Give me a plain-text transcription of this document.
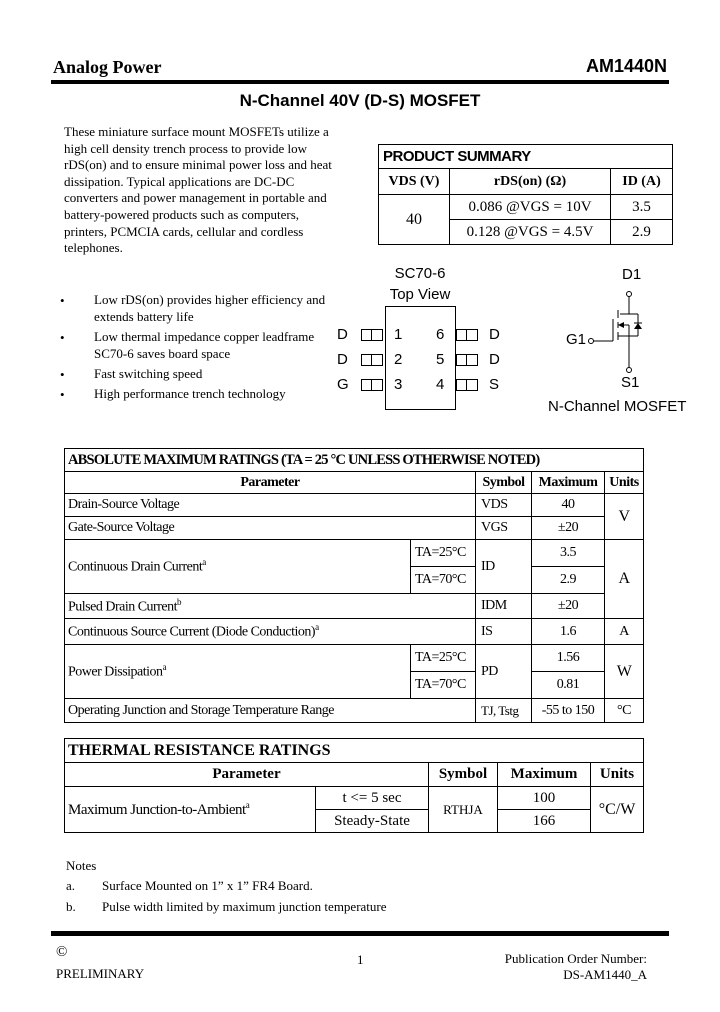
Analog Power	AM1440N
N-Channel 40V (D-S) MOSFET
These miniature surface mount MOSFETs utilize a
high cell density trench process to provide low
rDS(on) and to ensure minimal power loss and heat
dissipation. Typical applications are DC-DC
converters and power management in portable and
battery-powered products such as computers,
printers, PCMCIA cards, cellular and cordless
telephones.
PRODUCT SUMMARY		
VDS (V)	rDS(on) (Ω)	ID (A)
40	0.086 @VGS = 10V	3.5
	0.128 @VGS = 4.5V	2.9
SC70-6
Top View
D	1 6	D
D	2 5	D
G	3 4	S
D1
G1
S1
N-Channel MOSFET
• Low rDS(on) provides higher efficiency and
extends battery life
• Low thermal impedance copper leadframe
SC70-6 saves board space
• Fast switching speed
• High performance trench technology
ABSOLUTE MAXIMUM RATINGS (TA = 25 °C UNLESS OTHERWISE NOTED)				
Parameter		Symbol	Maximum	Units
Drain-Source Voltage		VDS	40	V
Gate-Source Voltage		VGS	±20	
Continuous Drain Current$^a$	TA=25°C	ID	3.5	A
	TA=70°C		2.9	
Pulsed Drain Current$^b$		IDM	±20	
Continuous Source Current (Diode Conduction)$^a$		IS	1.6	A
Power Dissipation$^a$	TA=25°C	PD	1.56	W
	TA=70°C		0.81	
Operating Junction and Storage Temperature Range		TJ, Tstg	-55 to 150	°C
THERMAL RESISTANCE RATINGS				
Parameter		Symbol	Maximum	Units
Maximum Junction-to-Ambient$^a$	t <= 5 sec	RTHJA	100	°C/W
	Steady-State		166	
Notes
a. Surface Mounted on 1” x 1” FR4 Board.
b. Pulse width limited by maximum junction temperature
©
PRELIMINARY
1	Publication Order Number:
DS-AM1440_A
